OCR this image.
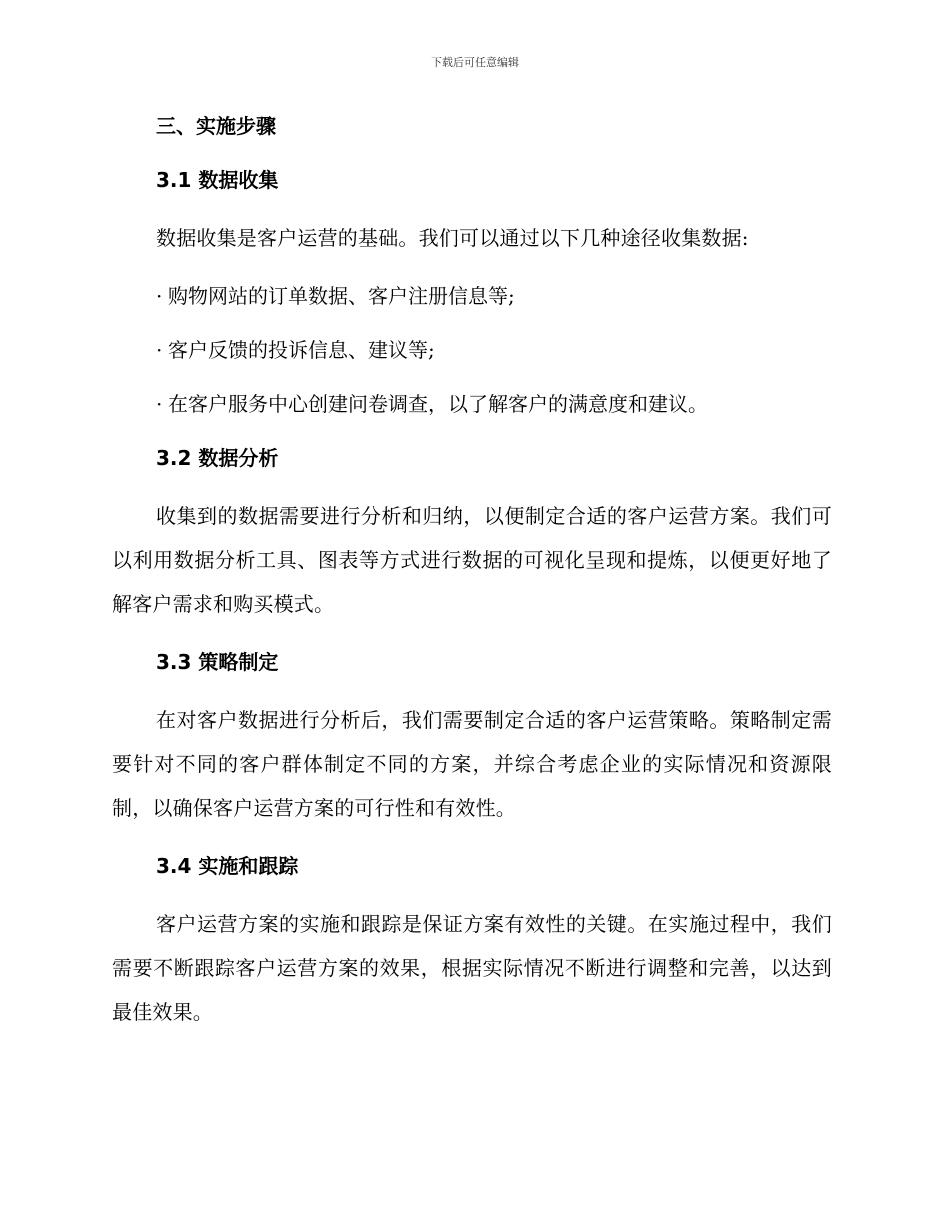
下载后可任意编辑
三、实施步骤
3.1 数据收集

数据收集是客户运营的基础。我们可以通过以下几种途径收集数据:

· 购物网站的订单数据、客户注册信息等;
· 客户反馈的投诉信息、建议等;
· 在客户服务中心创建问卷调查，以了解客户的满意度和建议。
3.2 数据分析

收集到的数据需要进行分析和归纳，以便制定合适的客户运营方案。我们可以利用数据分析工具、图表等方式进行数据的可视化呈现和提炼，以便更好地了解客户需求和购买模式。

3.3 策略制定

在对客户数据进行分析后，我们需要制定合适的客户运营策略。策略制定需要针对不同的客户群体制定不同的方案，并综合考虑企业的实际情况和资源限制，以确保客户运营方案的可行性和有效性。

3.4 实施和跟踪

客户运营方案的实施和跟踪是保证方案有效性的关键。在实施过程中，我们需要不断跟踪客户运营方案的效果，根据实际情况不断进行调整和完善，以达到最佳效果。
